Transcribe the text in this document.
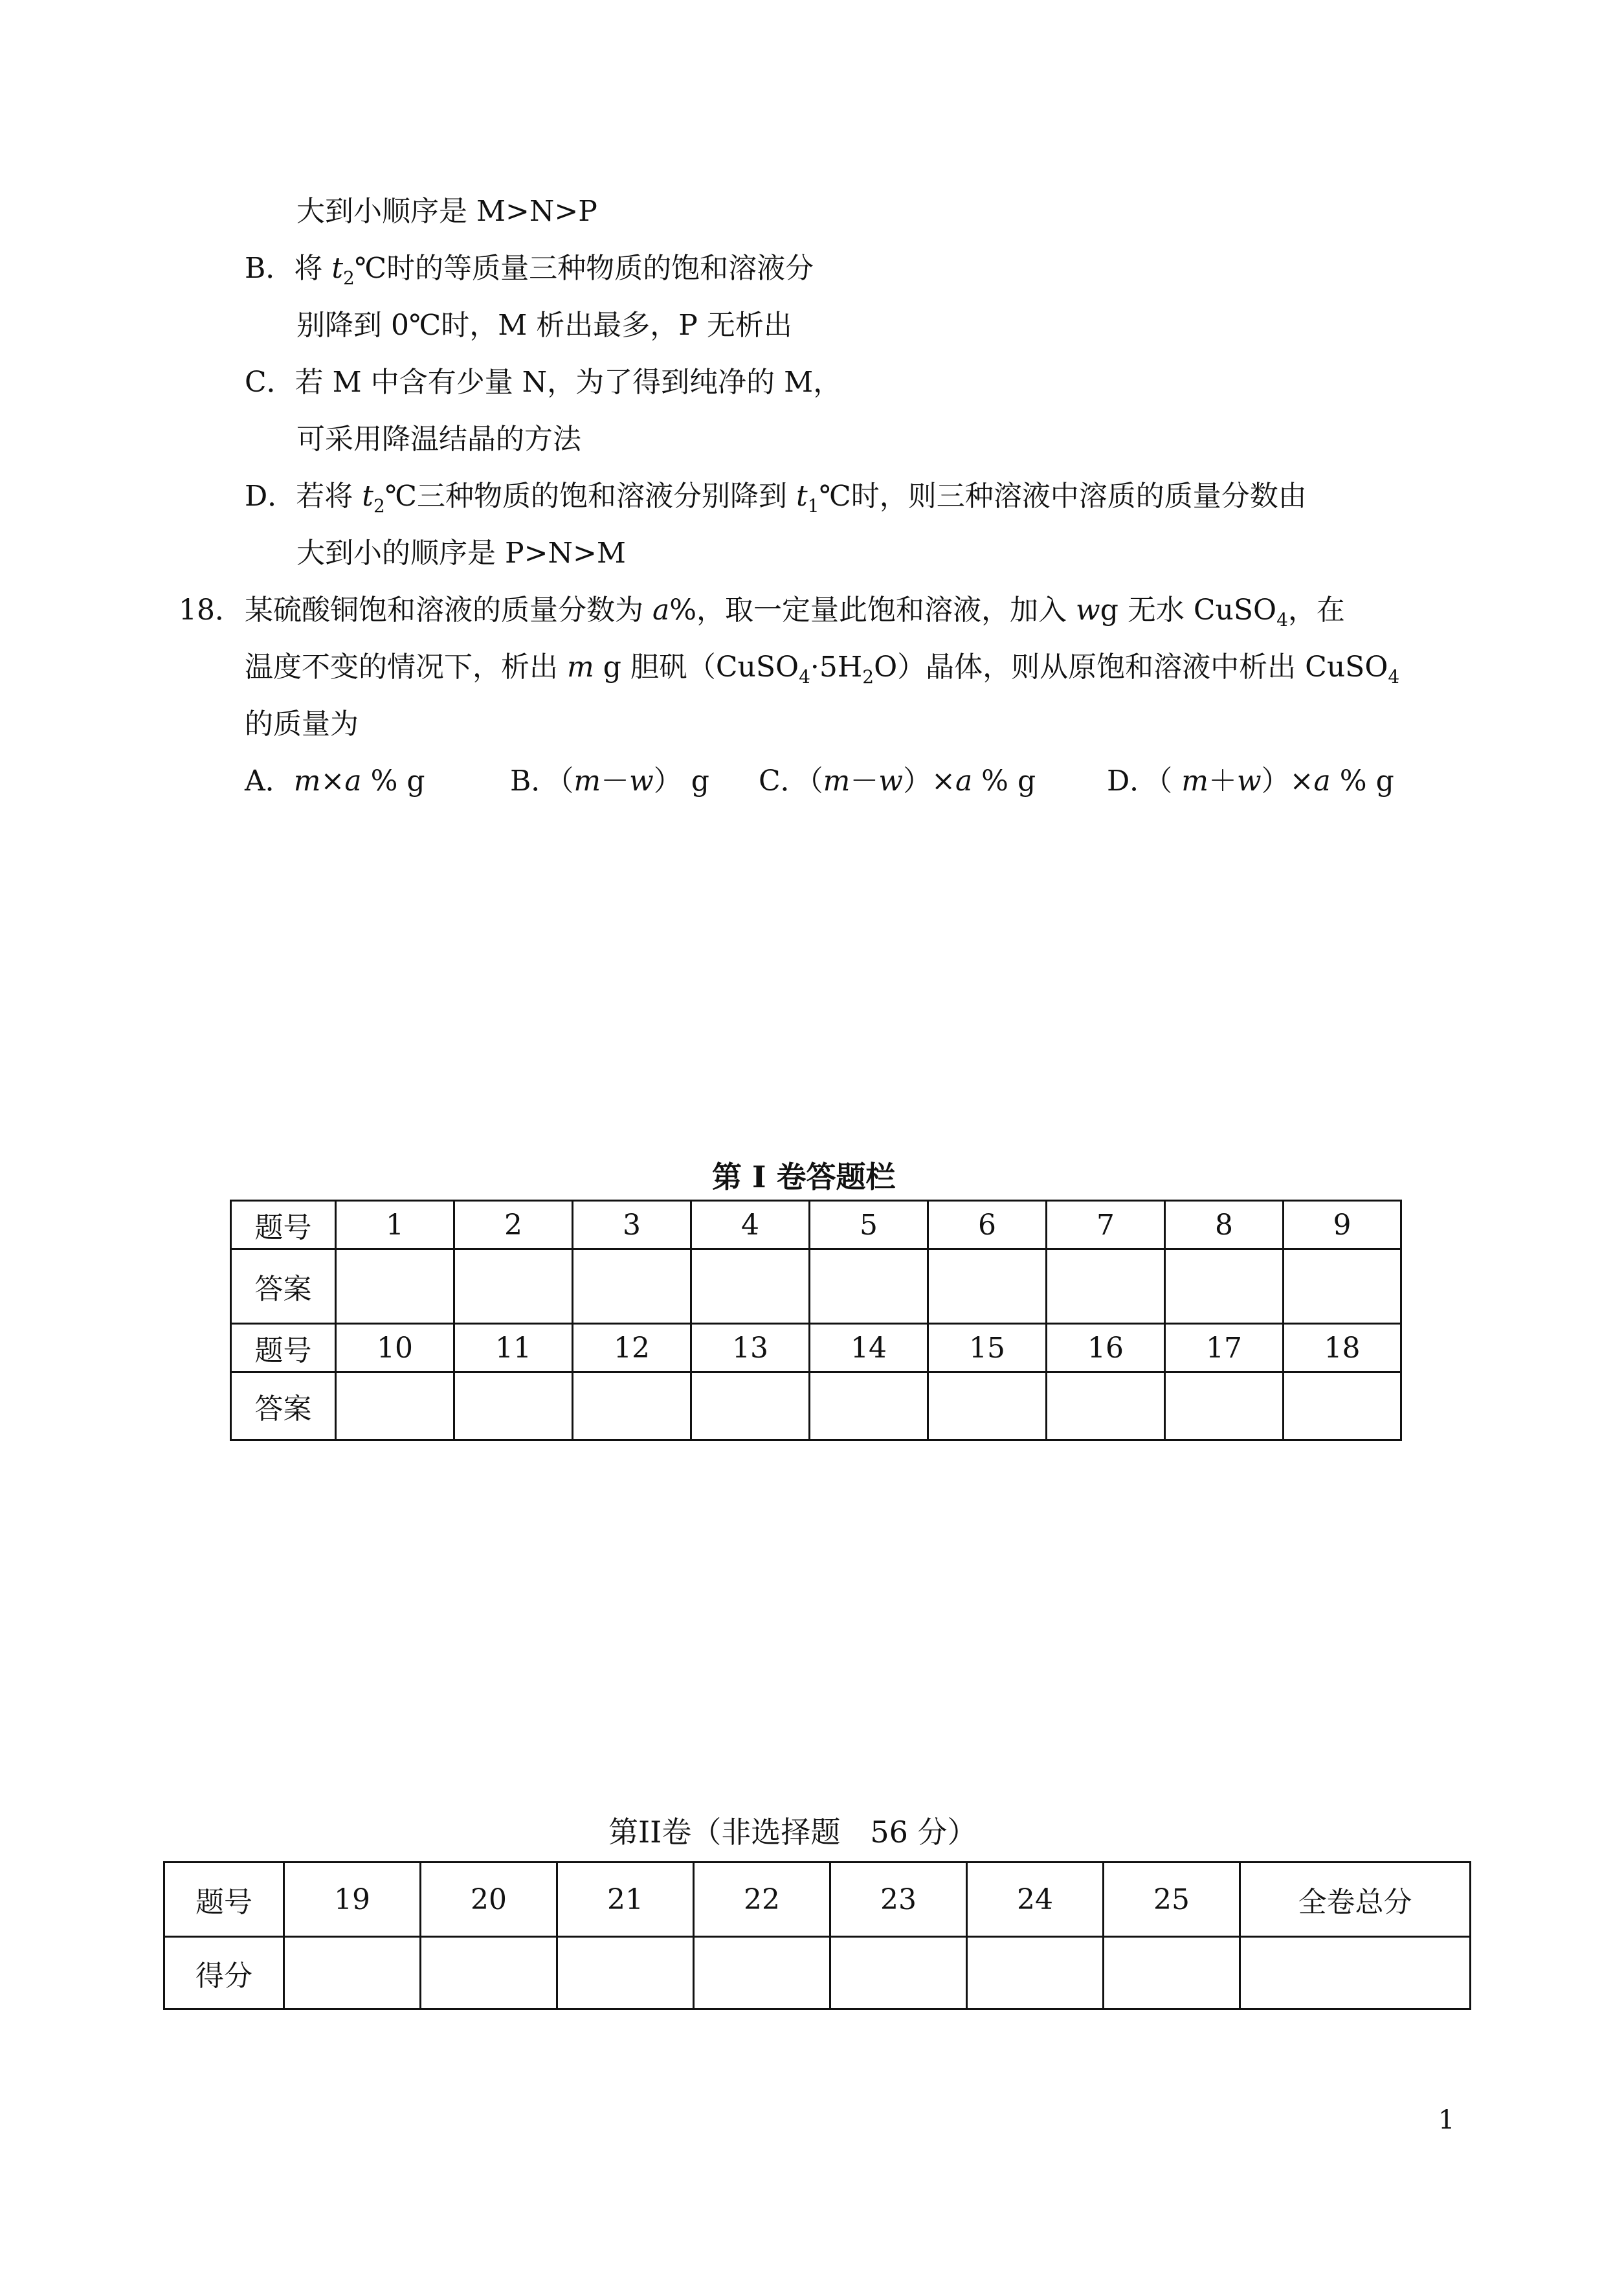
大到小顺序是 M>N>P
B．将 $t_2℃$时的等质量三种物质的饱和溶液分
别降到 0℃时，M 析出最多，P 无析出
C．若 M 中含有少量 N，为了得到纯净的 M，
可采用降温结晶的方法
D．若将 $t_2℃$三种物质的饱和溶液分别降到 $t_1℃$时，则三种溶液中溶质的质量分数由
大到小的顺序是 P>N>M
18． 某硫酸铜饱和溶液的质量分数为 a%，取一定量此饱和溶液，加入 wg 无水 CuSO$_4$，在
温度不变的情况下，析出 m g 胆矾$(CuSO_4\cdot 5H_2O)$晶体，则从原饱和溶液中析出 CuSO$_4$
的质量为
A．m×a % g	B．（m－w） g C．（m－w）×a % g D．（ m＋w）×a % g
第 I 卷答题栏
题号	1	2	3	4	5	6	7	8	9
答案									
题号	10	11	12	13	14	15	16	17	18
答案									
第II卷（非选择题　56 分）
题号	19	20	21	22	23	24	25	全卷总分
得分								
1
